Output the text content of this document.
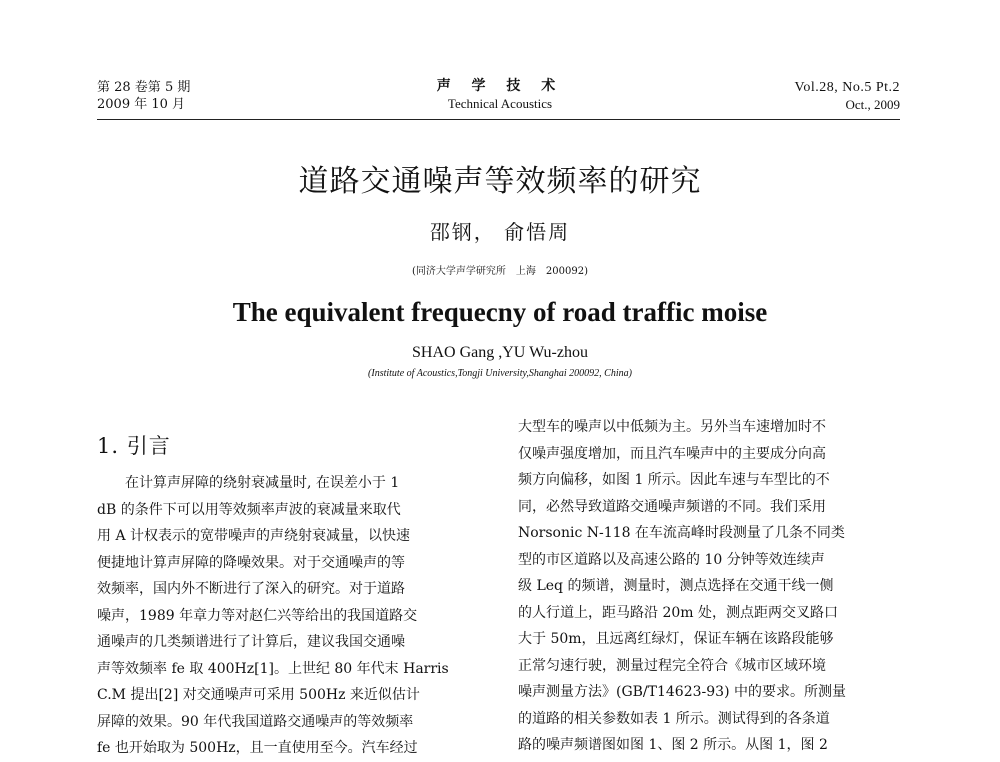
第 28 卷第 5 期
2009 年 10 月
声 学 技 术
Technical Acoustics
Vol.28, No.5 Pt.2
Oct., 2009
道路交通噪声等效频率的研究
邵钢， 俞悟周
(同济大学声学研究所　上海　200092)
The equivalent frequecny of road traffic moise
SHAO Gang ,YU Wu-zhou
(Institute of Acoustics,Tongji University,Shanghai 200092, China)
1. 引言
在计算声屏障的绕射衰减量时, 在误差小于 1
dB 的条件下可以用等效频率声波的衰减量来取代
用 A 计权表示的宽带噪声的声绕射衰减量，以快速
便捷地计算声屏障的降噪效果。对于交通噪声的等
效频率，国内外不断进行了深入的研究。对于道路
噪声，1989 年章力等对赵仁兴等给出的我国道路交
通噪声的几类频谱进行了计算后，建议我国交通噪
声等效频率 fe 取 400Hz[1]。上世纪 80 年代末 Harris
C.M 提出[2] 对交通噪声可采用 500Hz 来近似估计
屏障的效果。90 年代我国道路交通噪声的等效频率
fe 也开始取为 500Hz，且一直使用至今。汽车经过
大型车的噪声以中低频为主。另外当车速增加时不
仅噪声强度增加，而且汽车噪声中的主要成分向高
频方向偏移，如图 1 所示。因此车速与车型比的不
同，必然导致道路交通噪声频谱的不同。我们采用
Norsonic N-118 在车流高峰时段测量了几条不同类
型的市区道路以及高速公路的 10 分钟等效连续声
级 Leq 的频谱，测量时，测点选择在交通干线一侧
的人行道上，距马路沿 20m 处，测点距两交叉路口
大于 50m，且远离红绿灯，保证车辆在该路段能够
正常匀速行驶，测量过程完全符合《城市区域环境
噪声测量方法》(GB/T14623-93) 中的要求。所测量
的道路的相关参数如表 1 所示。测试得到的各条道
路的噪声频谱图如图 1、图 2 所示。从图 1，图 2
